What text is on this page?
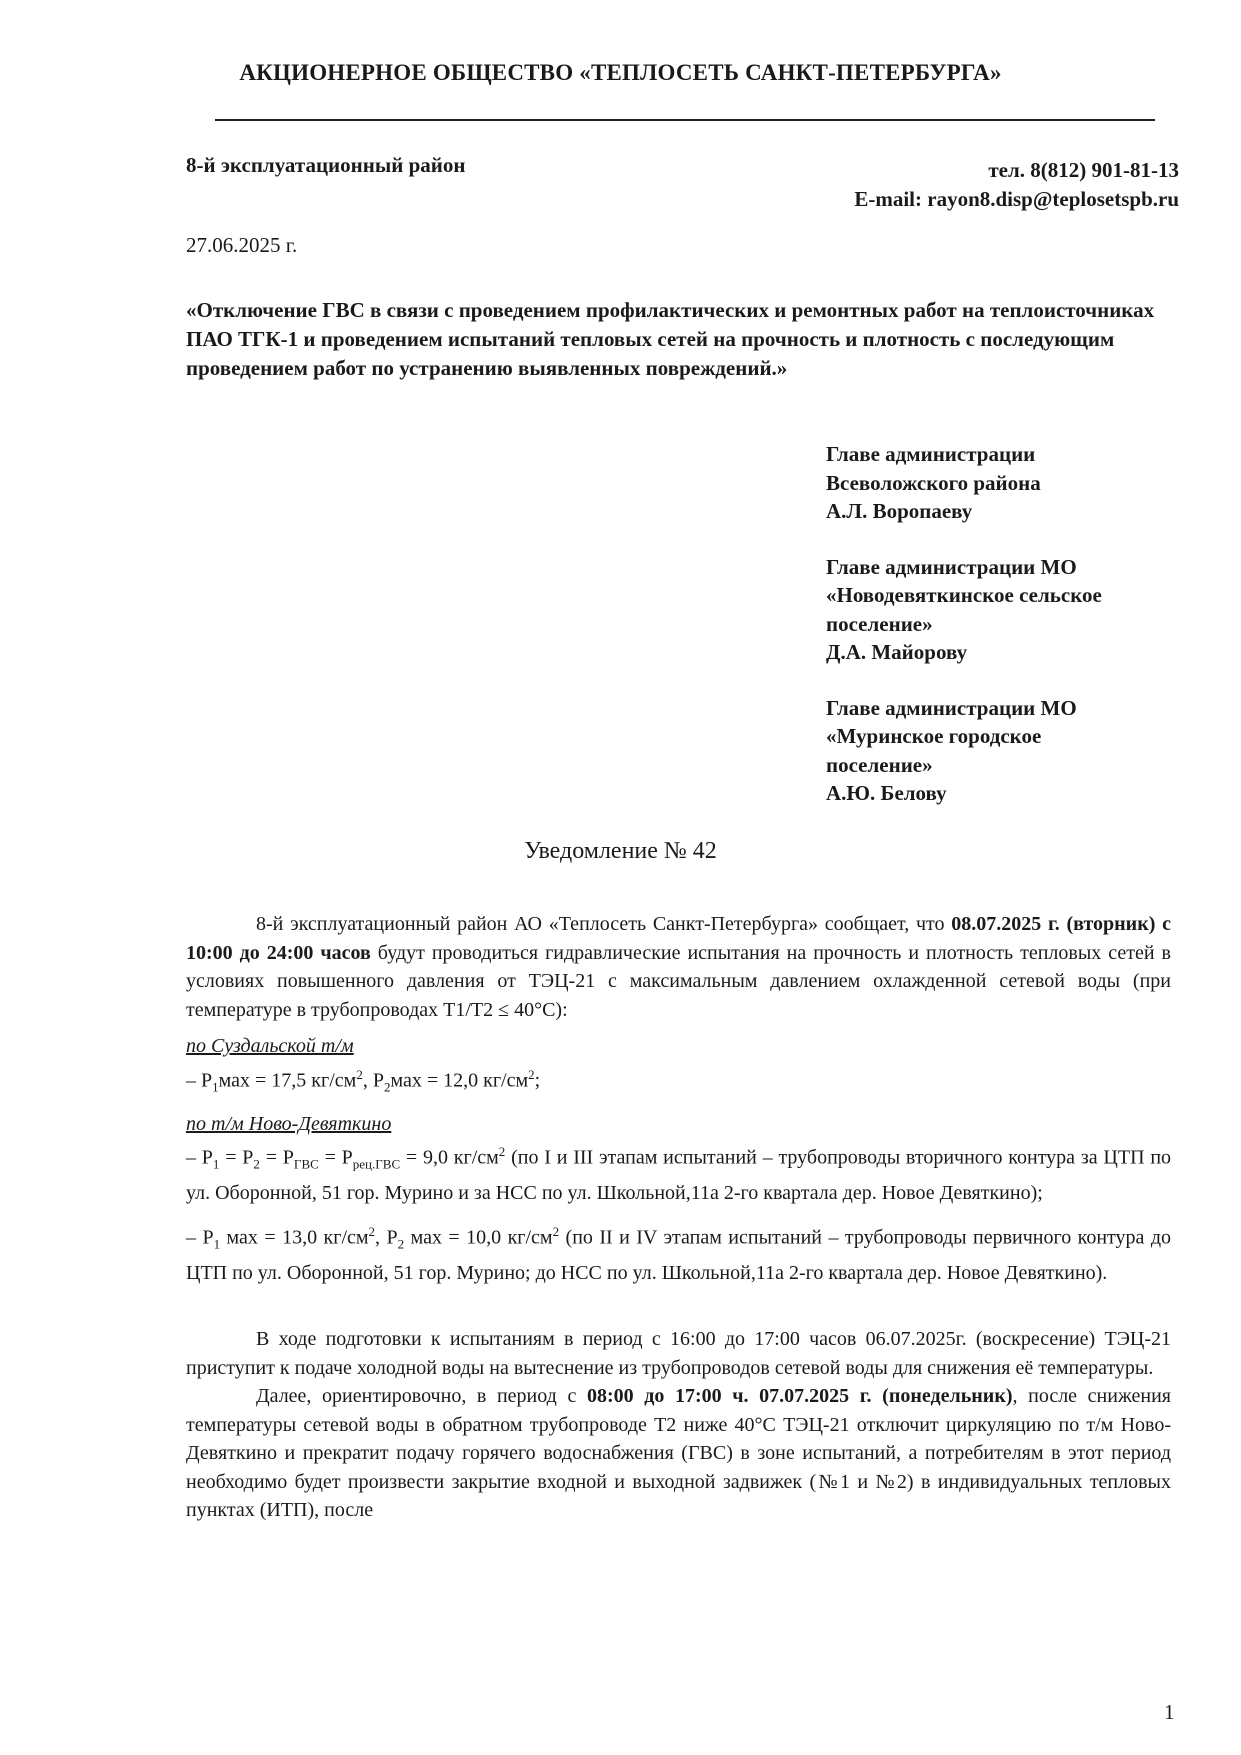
АКЦИОНЕРНОЕ ОБЩЕСТВО «ТЕПЛОСЕТЬ САНКТ-ПЕТЕРБУРГА»
8-й эксплуатационный район	тел. 8(812) 901-81-13
E-mail: rayon8.disp@teplosetspb.ru
27.06.2025 г.
«Отключение ГВС в связи с проведением профилактических и ремонтных работ на теплоисточниках ПАО ТГК-1 и проведением испытаний тепловых сетей на прочность и плотность с последующим проведением работ по устранению выявленных повреждений.»
Главе администрации
Всеволожского района
А.Л. Воропаеву
Главе администрации МО
«Новодевяткинское сельское
поселение»
Д.А. Майорову
Главе администрации МО
«Муринское городское
поселение»
А.Ю. Белову
Уведомление № 42

8-й эксплуатационный район АО «Теплосеть Санкт-Петербурга» сообщает, что 08.07.2025 г. (вторник) с 10:00 до 24:00 часов будут проводиться гидравлические испытания на прочность и плотность тепловых сетей в условиях повышенного давления от ТЭЦ-21 с максимальным давлением охлажденной сетевой воды (при температуре в трубопроводах Т1/Т2 ≤ 40°С):

по Суздальской т/м

– $P_1мах = 17,5$ $кг/см^2$, $P_2мах = 12,0$ $кг/см^2$;

по т/м Ново-Девяткино

– $P_1 = P_2 = P_{ГВС} = P_{рец.ГВС} = 9,0$ $кг/см^2$ (по I и III этапам испытаний – трубопроводы вторичного контура за ЦТП по ул. Оборонной, 51 гор. Мурино и за НСС по ул. Школьной,11а 2-го квартала дер. Новое Девяткино);

– $P_1$ мах = 13,0 $кг/см^2$, $P_2$ мах = 10,0 $кг/см^2$ (по II и IV этапам испытаний – трубопроводы первичного контура до ЦТП по ул. Оборонной, 51 гор. Мурино; до НСС по ул. Школьной,11а 2-го квартала дер. Новое Девяткино).

В ходе подготовки к испытаниям в период с 16:00 до 17:00 часов 06.07.2025г. (воскресение) ТЭЦ-21 приступит к подаче холодной воды на вытеснение из трубопроводов сетевой воды для снижения её температуры.

Далее, ориентировочно, в период с 08:00 до 17:00 ч. 07.07.2025 г. (понедельник), после снижения температуры сетевой воды в обратном трубопроводе Т2 ниже 40°С ТЭЦ-21 отключит циркуляцию по т/м Ново-Девяткино и прекратит подачу горячего водоснабжения (ГВС) в зоне испытаний, а потребителям в этот период необходимо будет произвести закрытие входной и выходной задвижек (№1 и №2) в индивидуальных тепловых пунктах (ИТП), после

1
